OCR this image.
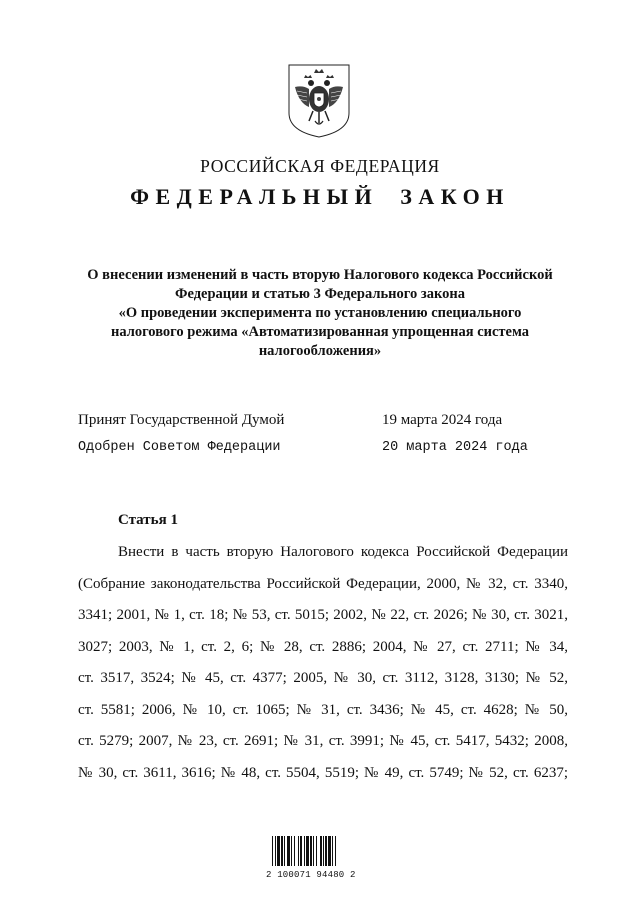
РОССИЙСКАЯ ФЕДЕРАЦИЯ
ФЕДЕРАЛЬНЫЙ ЗАКОН
О внесении изменений в часть вторую Налогового кодекса Российской
Федерации и статью 3 Федерального закона
«О проведении эксперимента по установлению специального
налогового режима «Автоматизированная упрощенная система
налогообложения»
Принят Государственной Думой	19 марта 2024 года
Одобрен Советом Федерации	20 марта 2024 года
Статья 1
Внести в часть вторую Налогового кодекса Российской Федерации
(Собрание законодательства Российской Федерации, 2000, № 32, ст. 3340,
3341; 2001, № 1, ст. 18; № 53, ст. 5015; 2002, № 22, ст. 2026; № 30, ст. 3021,
3027; 2003, № 1, ст. 2, 6; № 28, ст. 2886; 2004, № 27, ст. 2711; № 34,
ст. 3517, 3524; № 45, ст. 4377; 2005, № 30, ст. 3112, 3128, 3130; № 52,
ст. 5581; 2006, № 10, ст. 1065; № 31, ст. 3436; № 45, ст. 4628; № 50,
ст. 5279; 2007, № 23, ст. 2691; № 31, ст. 3991; № 45, ст. 5417, 5432; 2008,
№ 30, ст. 3611, 3616; № 48, ст. 5504, 5519; № 49, ст. 5749; № 52, ст. 6237;
2 100071 94480 2
